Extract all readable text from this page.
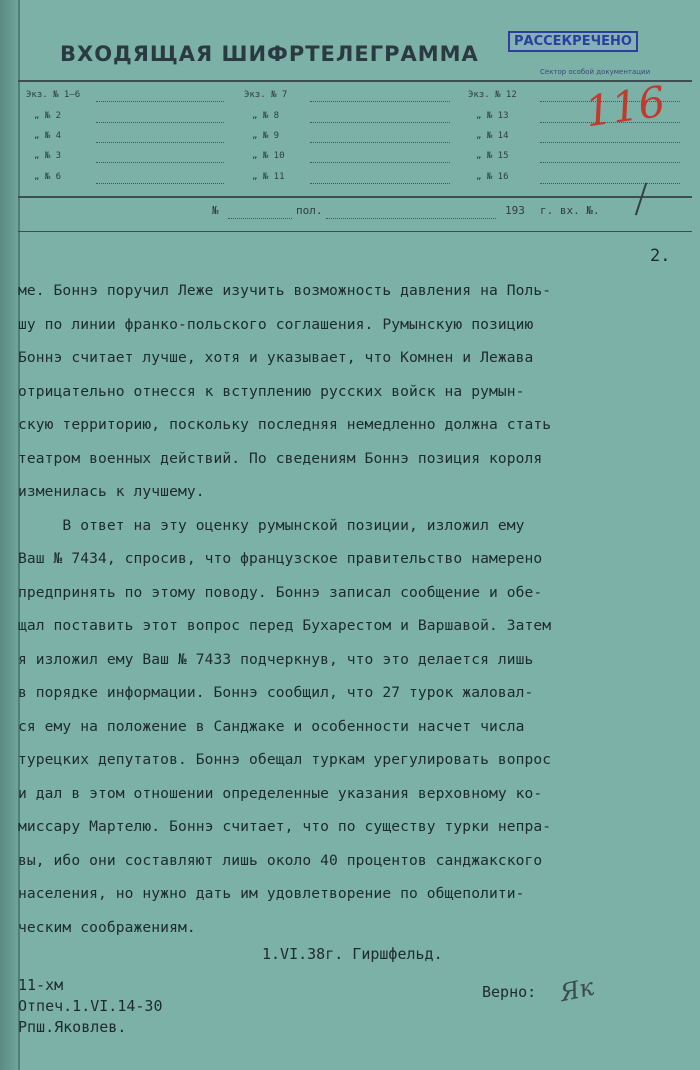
ВХОДЯЩАЯ ШИФРТЕЛЕГРАММА
РАССЕКРЕЧЕНО
Сектор особой документации
Экз. № 1—6
„ № 2
„ № 4
„ № 3
„ № 6
Экз. № 7
„ № 8
„ № 9
„ № 10
„ № 11
Экз. № 12
„ № 13
„ № 14
„ № 15
„ № 16
116
№	пол.	193 г. вх. №.
2.
ме. Боннэ поручил Леже изучить возможность давления на Поль-
шу по линии франко-польского соглашения. Румынскую позицию
Боннэ считает лучше, хотя и указывает, что Комнен и Лежава
отрицательно отнесся к вступлению русских войск на румын-
скую территорию, поскольку последняя немедленно должна стать
театром военных действий. По сведениям Боннэ позиция короля
изменилась к лучшему.
В ответ на эту оценку румынской позиции, изложил ему
Ваш № 7434, спросив, что французское правительство намерено
предпринять по этому поводу. Боннэ записал сообщение и обе-
щал поставить этот вопрос перед Бухарестом и Варшавой. Затем
я изложил ему Ваш № 7433 подчеркнув, что это делается лишь
в порядке информации. Боннэ сообщил, что 27 турок жаловал-
ся ему на положение в Санджаке и особенности насчет числа
турецких депутатов. Боннэ обещал туркам урегулировать вопрос
и дал в этом отношении определенные указания верховному ко-
миссару Мартелю. Боннэ считает, что по существу турки непра-
вы, ибо они составляют лишь около 40 процентов санджакского
населения, но нужно дать им удовлетворение по общеполити-
ческим соображениям.
1.VI.38г. Гиршфельд.
11-хм
Отпеч.1.VI.14-30
Рпш.Яковлев.
Верно: Як
